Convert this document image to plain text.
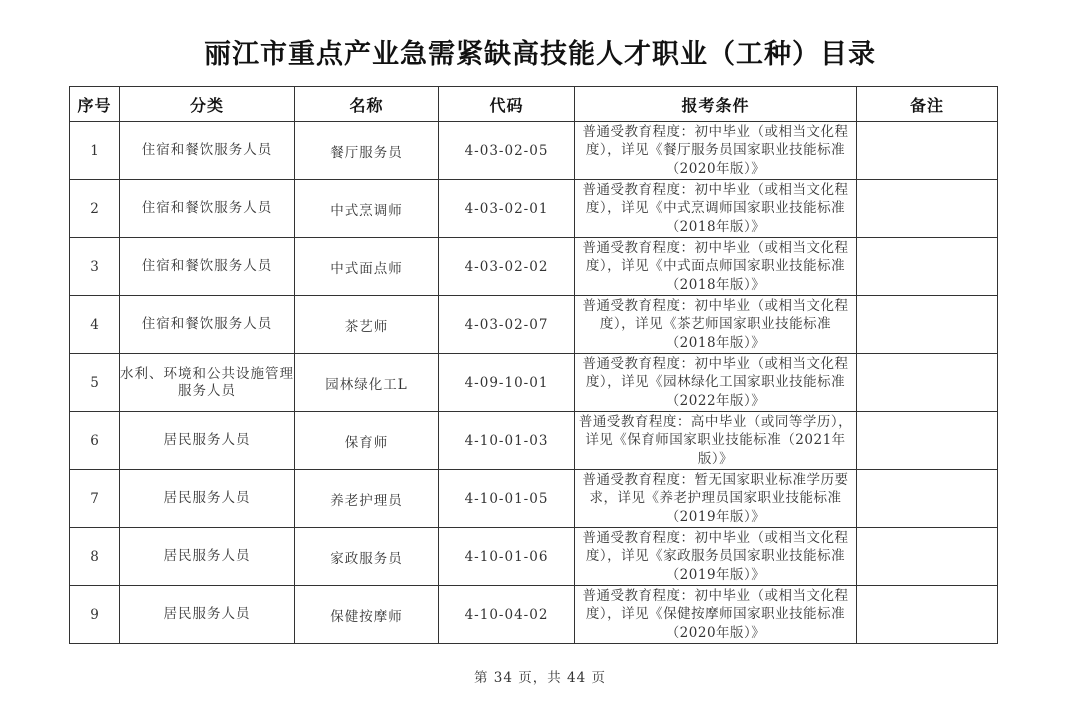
丽江市重点产业急需紧缺高技能人才职业（工种）目录
序号	分类	名称	代码	报考条件	备注
1	住宿和餐饮服务人员	餐厅服务员	4-03-02-05	普通受教育程度：初中毕业（或相当文化程度），详见《餐厅服务员国家职业技能标准（2020年版）》	
2	住宿和餐饮服务人员	中式烹调师	4-03-02-01	普通受教育程度：初中毕业（或相当文化程度），详见《中式烹调师国家职业技能标准（2018年版）》	
3	住宿和餐饮服务人员	中式面点师	4-03-02-02	普通受教育程度：初中毕业（或相当文化程度），详见《中式面点师国家职业技能标准（2018年版）》	
4	住宿和餐饮服务人员	茶艺师	4-03-02-07	普通受教育程度：初中毕业（或相当文化程度），详见《茶艺师国家职业技能标准（2018年版）》	
5	水利、环境和公共设施管理服务人员	园林绿化工L	4-09-10-01	普通受教育程度：初中毕业（或相当文化程度），详见《园林绿化工国家职业技能标准（2022年版）》	
6	居民服务人员	保育师	4-10-01-03	普通受教育程度：高中毕业（或同等学历），详见《保育师国家职业技能标准（2021年版）》	
7	居民服务人员	养老护理员	4-10-01-05	普通受教育程度：暂无国家职业标准学历要求，详见《养老护理员国家职业技能标准（2019年版）》	
8	居民服务人员	家政服务员	4-10-01-06	普通受教育程度：初中毕业（或相当文化程度），详见《家政服务员国家职业技能标准（2019年版）》	
9	居民服务人员	保健按摩师	4-10-04-02	普通受教育程度：初中毕业（或相当文化程度），详见《保健按摩师国家职业技能标准（2020年版）》	
第 34 页，共 44 页
